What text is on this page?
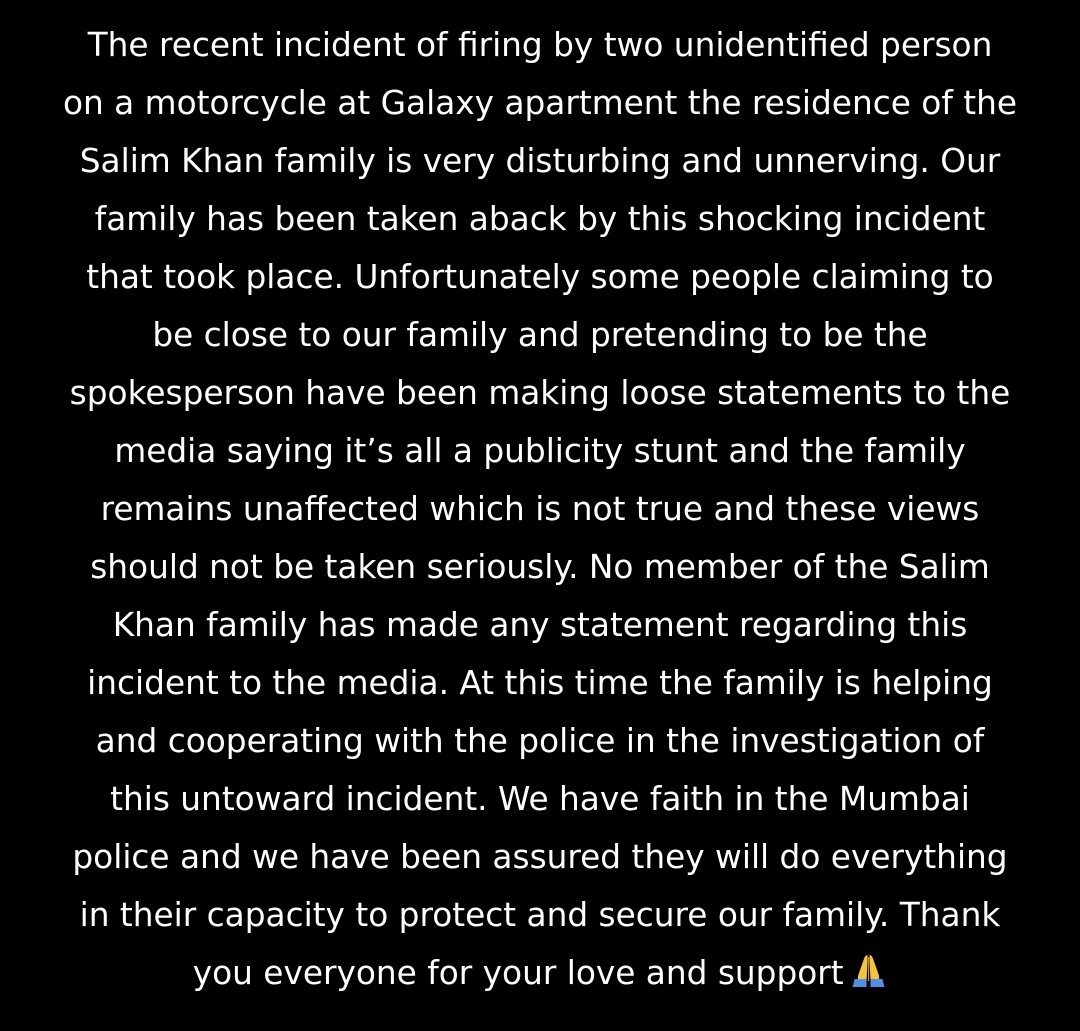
The recent incident of firing by two unidentified person
on a motorcycle at Galaxy apartment the residence of the
Salim Khan family is very disturbing and unnerving. Our
family has been taken aback by this shocking incident
that took place. Unfortunately some people claiming to
be close to our family and pretending to be the
spokesperson have been making loose statements to the
media saying it’s all a publicity stunt and the family
remains unaffected which is not true and these views
should not be taken seriously. No member of the Salim
Khan family has made any statement regarding this
incident to the media. At this time the family is helping
and cooperating with the police in the investigation of
this untoward incident. We have faith in the Mumbai
police and we have been assured they will do everything
in their capacity to protect and secure our family. Thank
you everyone for your love and support
